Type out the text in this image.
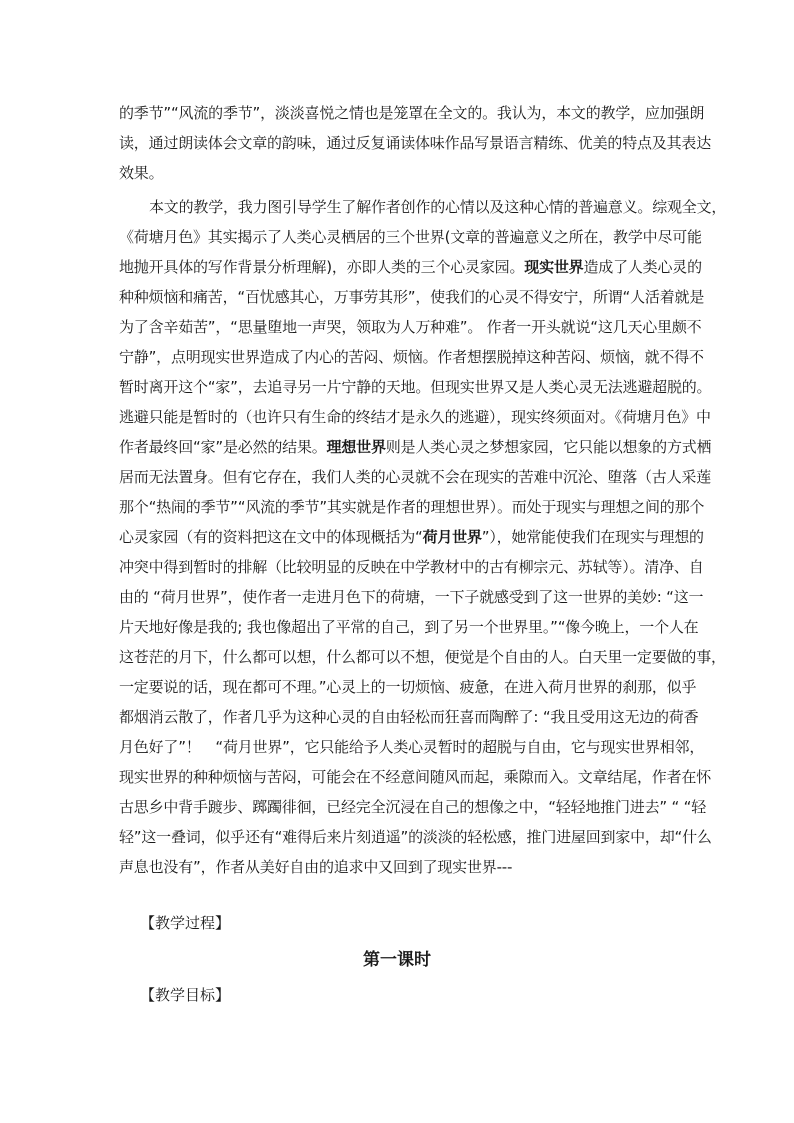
的季节”“风流的季节”，淡淡喜悦之情也是笼罩在全文的。我认为，本文的教学，应加强朗
读，通过朗读体会文章的韵味，通过反复诵读体味作品写景语言精练、优美的特点及其表达
效果。
本文的教学，我力图引导学生了解作者创作的心情以及这种心情的普遍意义。综观全文，
《荷塘月色》其实揭示了人类心灵栖居的三个世界(文章的普遍意义之所在，教学中尽可能
地抛开具体的写作背景分析理解)，亦即人类的三个心灵家园。现实世界造成了人类心灵的
种种烦恼和痛苦，“百忧感其心，万事劳其形”，使我们的心灵不得安宁，所谓“人活着就是
为了含辛茹苦”，“思量堕地一声哭，领取为人万种难”。 作者一开头就说“这几天心里颇不
宁静”，点明现实世界造成了内心的苦闷、烦恼。作者想摆脱掉这种苦闷、烦恼，就不得不
暂时离开这个“家”，去追寻另一片宁静的天地。但现实世界又是人类心灵无法逃避超脱的。
逃避只能是暂时的（也许只有生命的终结才是永久的逃避），现实终须面对。《荷塘月色》中
作者最终回“家”是必然的结果。理想世界则是人类心灵之梦想家园，它只能以想象的方式栖
居而无法置身。但有它存在，我们人类的心灵就不会在现实的苦难中沉沦、堕落（古人采莲
那个“热闹的季节”“风流的季节”其实就是作者的理想世界）。而处于现实与理想之间的那个
心灵家园（有的资料把这在文中的体现概括为“荷月世界”），她常能使我们在现实与理想的
冲突中得到暂时的排解（比较明显的反映在中学教材中的古有柳宗元、苏轼等）。清净、自
由的 “荷月世界”，使作者一走进月色下的荷塘，一下子就感受到了这一世界的美妙: “这一
片天地好像是我的; 我也像超出了平常的自己，到了另一个世界里。”“像今晚上，一个人在
这苍茫的月下，什么都可以想，什么都可以不想，便觉是个自由的人。白天里一定要做的事，
一定要说的话，现在都可不理。”心灵上的一切烦恼、疲惫，在进入荷月世界的刹那，似乎
都烟消云散了，作者几乎为这种心灵的自由轻松而狂喜而陶醉了: “我且受用这无边的荷香
月色好了”！　“荷月世界”，它只能给予人类心灵暂时的超脱与自由，它与现实世界相邻，
现实世界的种种烦恼与苦闷，可能会在不经意间随风而起，乘隙而入。文章结尾，作者在怀
古思乡中背手踱步、踯躅徘徊，已经完全沉浸在自己的想像之中，“轻轻地推门进去” “ “轻
轻”这一叠词，似乎还有“难得后来片刻逍遥”的淡淡的轻松感，推门进屋回到家中，却“什么
声息也没有”，作者从美好自由的追求中又回到了现实世界---
【教学过程】
第一课时
【教学目标】
